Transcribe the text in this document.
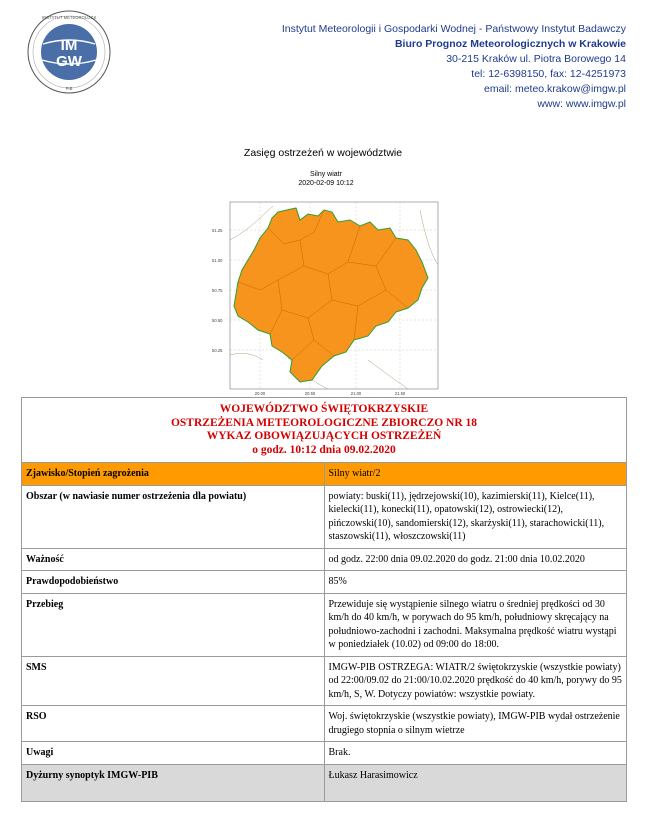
IM
GW
INSTYTUT METEOROLOGII
PIB
Instytut Meteorologii i Gospodarki Wodnej - Państwowy Instytut Badawczy
Biuro Prognoz Meteorologicznych w Krakowie
30-215 Kraków ul. Piotra Borowego 14
tel: 12-6398150, fax: 12-4251973
email: meteo.krakow@imgw.pl
www: www.imgw.pl
Zasięg ostrzeżeń w województwie
Silny wiatr
2020-02-09 10:12
51.25
51.00
50.75
50.50
50.25
20.00	20.50	21.00	21.50
WOJEWÓDZTWO ŚWIĘTOKRZYSKIE
OSTRZEŻENIA METEOROLOGICZNE ZBIORCZO NR 18
WYKAZ OBOWIĄZUJĄCYCH OSTRZEŻEŃ
o godz. 10:12 dnia 09.02.2020	

Zjawisko/Stopień zagrożenia	Silny wiatr/2
Obszar (w nawiasie numer ostrzeżenia dla powiatu)	powiaty: buski(11), jędrzejowski(10), kazimierski(11), Kielce(11), kielecki(11), konecki(11), opatowski(12), ostrowiecki(12), pińczowski(10), sandomierski(12), skarżyski(11), starachowicki(11), staszowski(11), włoszczowski(11)
Ważność	od godz. 22:00 dnia 09.02.2020 do godz. 21:00 dnia 10.02.2020
Prawdopodobieństwo	85%
Przebieg	Przewiduje się wystąpienie silnego wiatru o średniej prędkości od 30 km/h do 40 km/h, w porywach do 95 km/h, południowy skręcający na południowo-zachodni i zachodni. Maksymalna prędkość wiatru wystąpi w poniedziałek (10.02) od 09:00 do 18:00.
SMS	IMGW-PIB OSTRZEGA: WIATR/2 świętokrzyskie (wszystkie powiaty) od 22:00/09.02 do 21:00/10.02.2020 prędkość do 40 km/h, porywy do 95 km/h, S, W. Dotyczy powiatów: wszystkie powiaty.
RSO	Woj. świętokrzyskie (wszystkie powiaty), IMGW-PIB wydał ostrzeżenie drugiego stopnia o silnym wietrze
Uwagi	Brak.
Dyżurny synoptyk IMGW-PIB	Łukasz Harasimowicz
